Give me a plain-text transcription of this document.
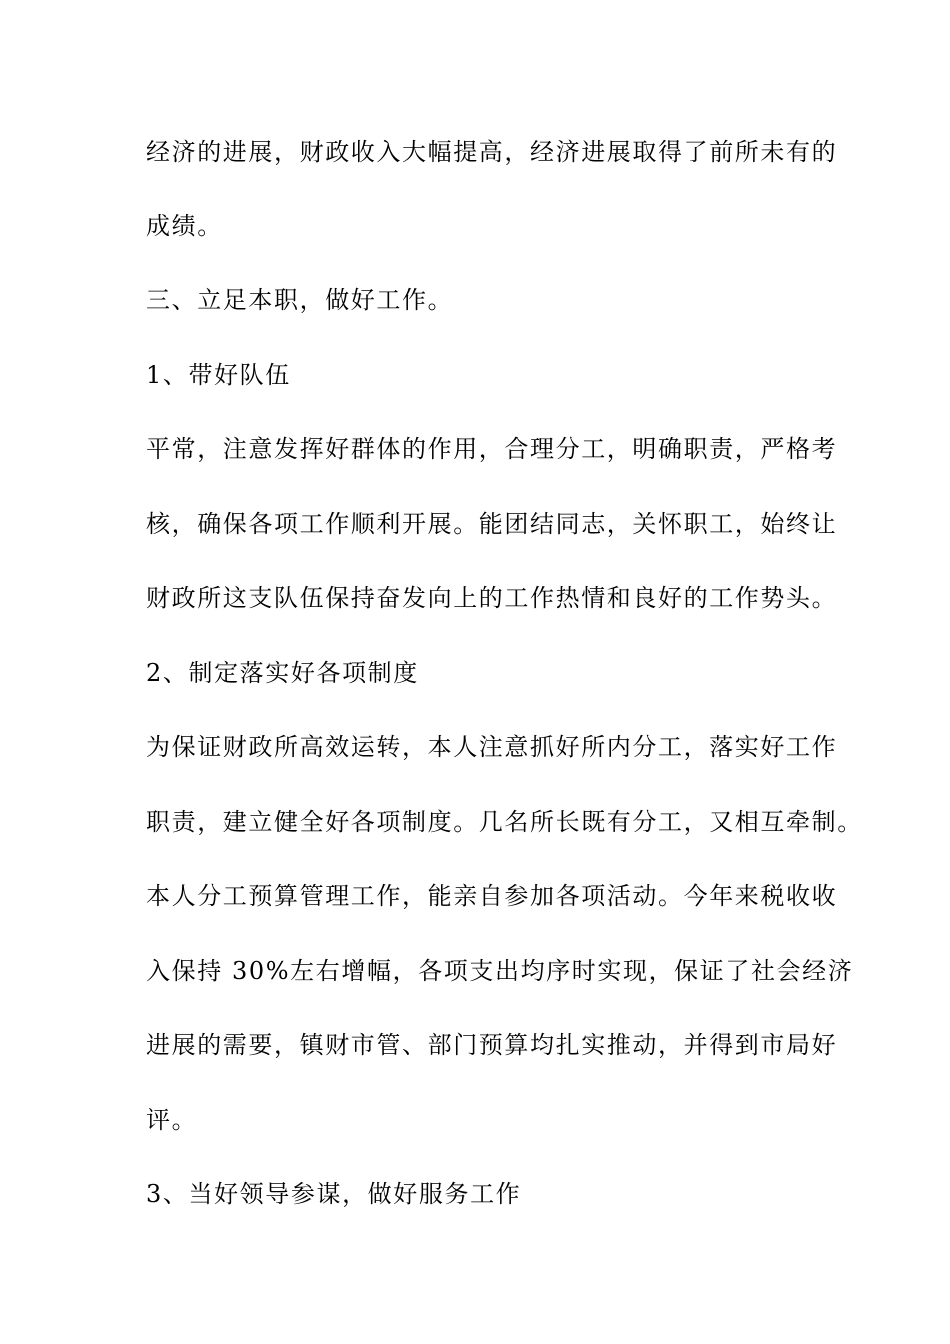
经济的进展，财政收入大幅提高，经济进展取得了前所未有的

成绩。

三、立足本职，做好工作。

1、带好队伍

平常，注意发挥好群体的作用，合理分工，明确职责，严格考

核，确保各项工作顺利开展。能团结同志，关怀职工，始终让

财政所这支队伍保持奋发向上的工作热情和良好的工作势头。

2、制定落实好各项制度

为保证财政所高效运转，本人注意抓好所内分工，落实好工作

职责，建立健全好各项制度。几名所长既有分工，又相互牵制。

本人分工预算管理工作，能亲自参加各项活动。今年来税收收

入保持 30%左右增幅，各项支出均序时实现，保证了社会经济

进展的需要，镇财市管、部门预算均扎实推动，并得到市局好

评。

3、当好领导参谋，做好服务工作
